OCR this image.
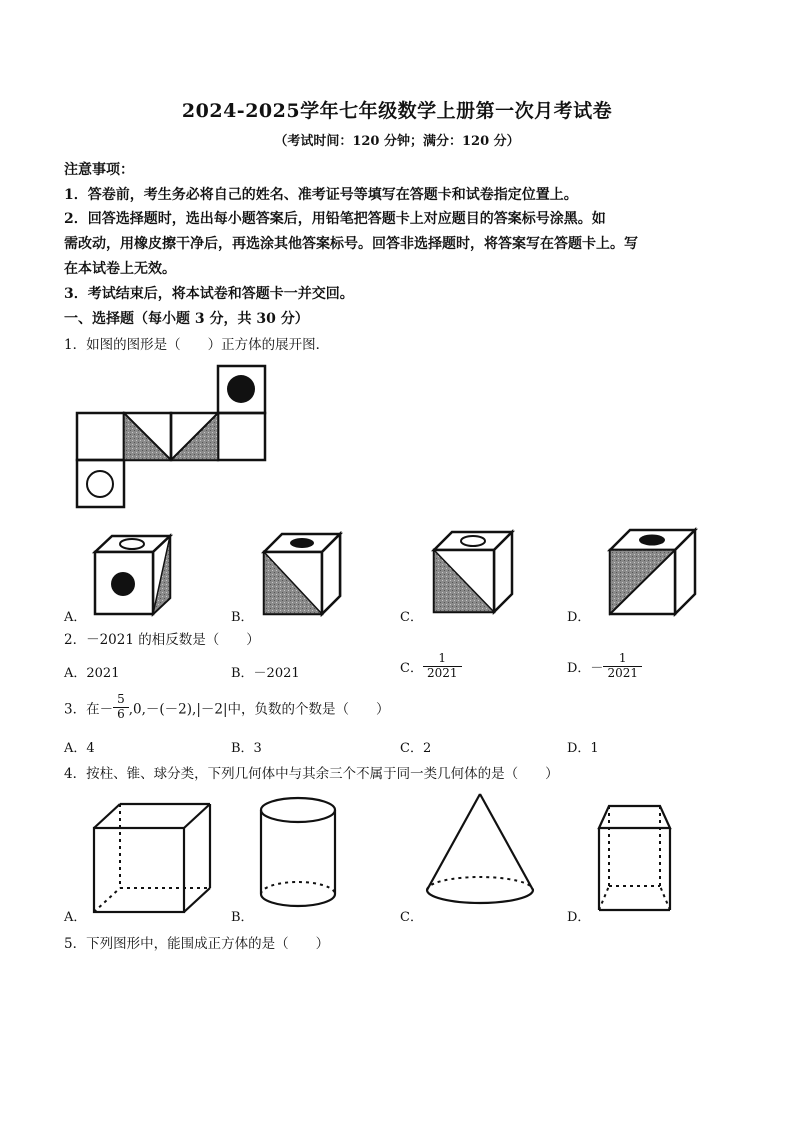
2024-2025学年七年级数学上册第一次月考试卷
（考试时间：120 分钟；满分：120 分）
注意事项：
1．答卷前，考生务必将自己的姓名、准考证号等填写在答题卡和试卷指定位置上。
2．回答选择题时，选出每小题答案后，用铅笔把答题卡上对应题目的答案标号涂黑。如
需改动，用橡皮擦干净后，再选涂其他答案标号。回答非选择题时，将答案写在答题卡上。写
在本试卷上无效。
3．考试结束后，将本试卷和答题卡一并交回。
一、选择题（每小题 3 分，共 30 分）
1．如图的图形是（　　）正方体的展开图．
A．	B．	C．	D．
2．－2021 的相反数是（　　）
A．2021	B．－2021	C． $\frac{1}{2021}$	D．－ $\frac{1}{2021}$
3．在－ $\frac{5}{6} ,0,-(-2),|-2|$中，负数的个数是（　　）
A．4	B．3	C．2	D．1
4．按柱、锥、球分类，下列几何体中与其余三个不属于同一类几何体的是（　　）
A．	B．	C．	D．
5．下列图形中，能围成正方体的是（　　）
